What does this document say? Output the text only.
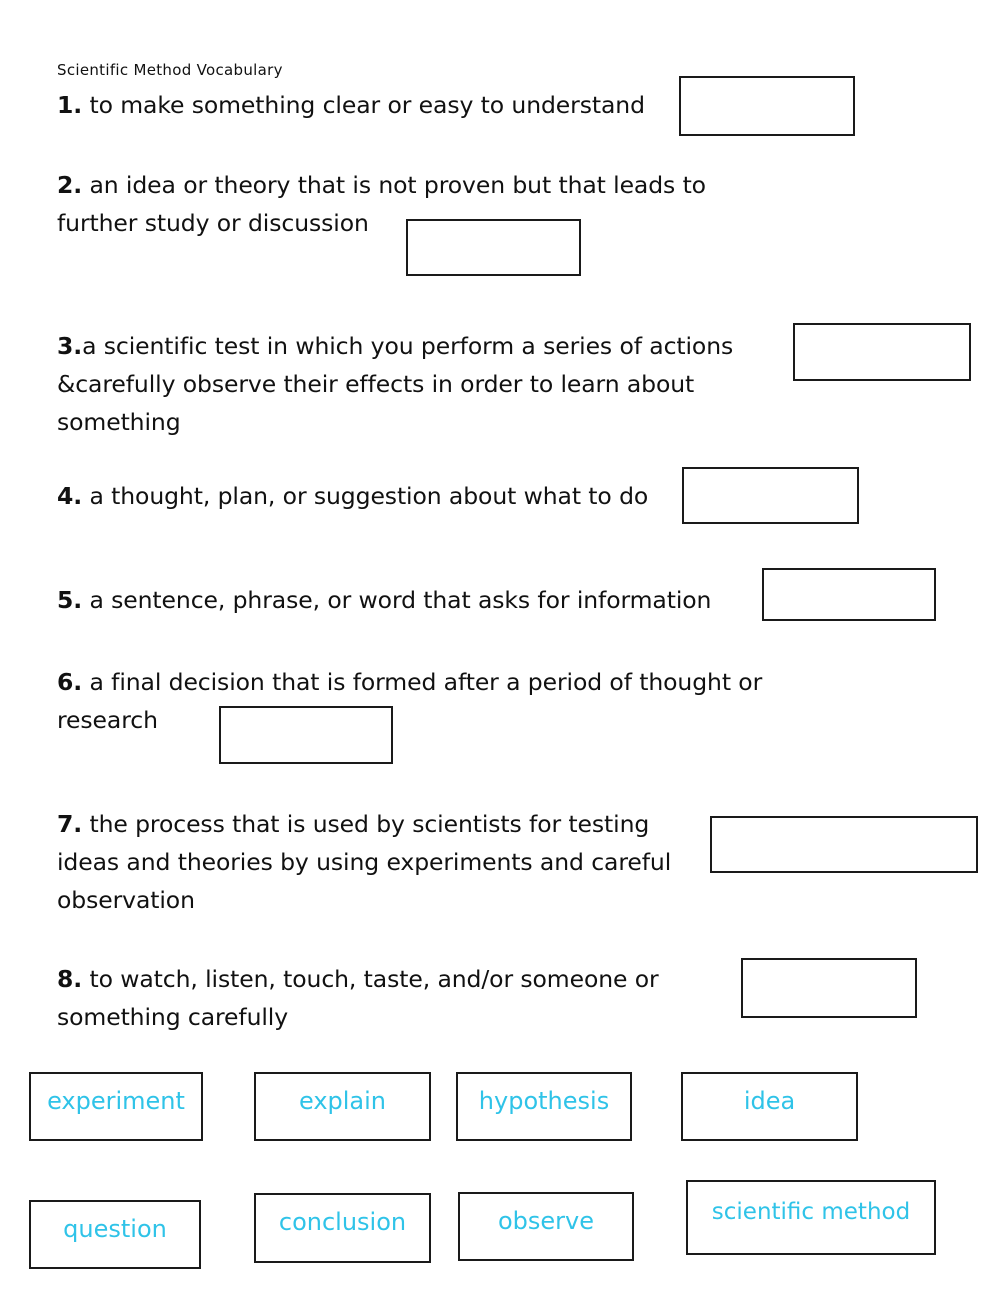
Scientific Method Vocabulary
1. to make something clear or easy to understand
2. an idea or theory that is not proven but that leads to further study or discussion
3.a scientific test in which you perform a series of actions &carefully observe their effects in order to learn about something
4. a thought, plan, or suggestion about what to do
5. a sentence, phrase, or word that asks for information
6. a final decision that is formed after a period of thought or research
7. the process that is used by scientists for testing ideas and theories by using experiments and careful observation
8. to watch, listen, touch, taste, and/or someone or something carefully
experiment	explain	hypothesis	idea
question	conclusion	observe	scientific method
